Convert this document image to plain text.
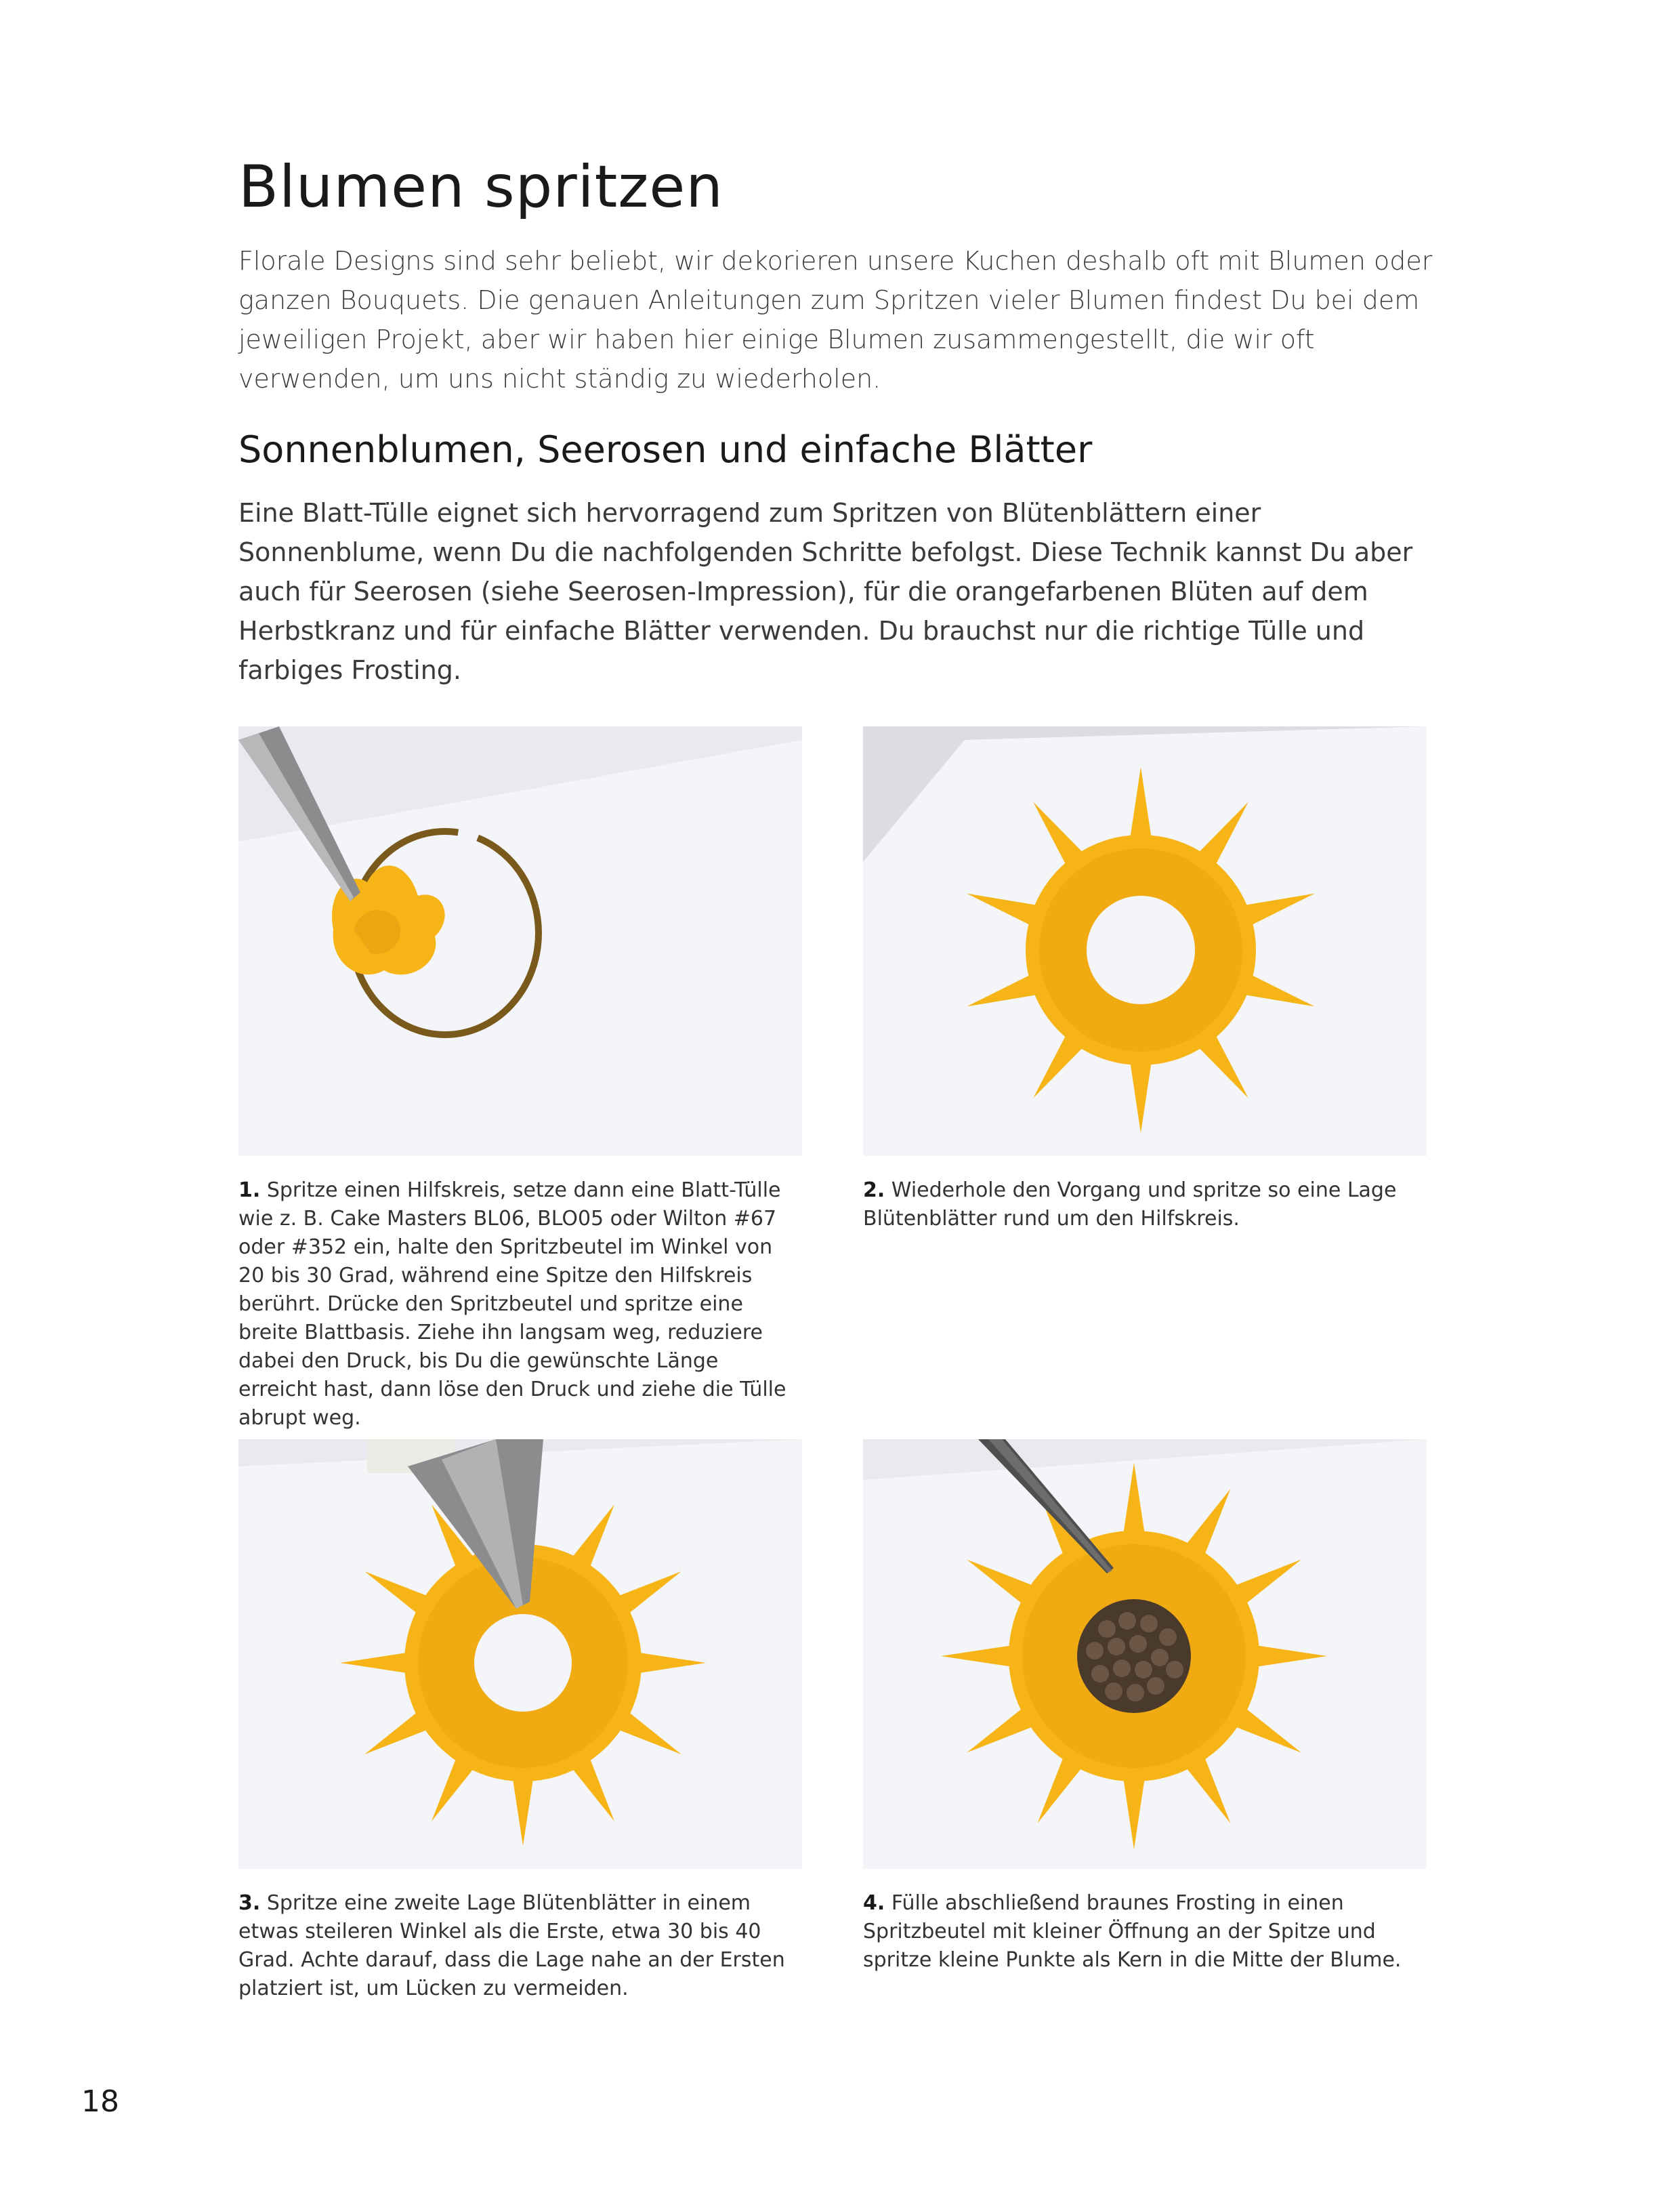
Blumen spritzen

Florale Designs sind sehr beliebt, wir dekorieren unsere Kuchen deshalb oft mit Blumen oder ganzen Bouquets. Die genauen Anleitungen zum Spritzen vieler Blumen findest Du bei dem jeweiligen Projekt, aber wir haben hier einige Blumen zusammengestellt, die wir oft verwenden, um uns nicht ständig zu wiederholen.

Sonnenblumen, Seerosen und einfache Blätter

Eine Blatt-Tülle eignet sich hervorragend zum Spritzen von Blütenblättern einer Sonnenblume, wenn Du die nachfolgenden Schritte befolgst. Diese Technik kannst Du aber auch für Seerosen (siehe Seerosen-Impression), für die orangefarbenen Blüten auf dem Herbstkranz und für einfache Blätter verwenden. Du brauchst nur die richtige Tülle und farbiges Frosting.

1. Spritze einen Hilfskreis, setze dann eine Blatt-Tülle wie z. B. Cake Masters BL06, BLO05 oder Wilton #67 oder #352 ein, halte den Spritzbeutel im Winkel von 20 bis 30 Grad, während eine Spitze den Hilfskreis berührt. Drücke den Spritzbeutel und spritze eine breite Blattbasis. Ziehe ihn langsam weg, reduziere dabei den Druck, bis Du die gewünschte Länge erreicht hast, dann löse den Druck und ziehe die Tülle abrupt weg.

2. Wiederhole den Vorgang und spritze so eine Lage Blütenblätter rund um den Hilfskreis.

3. Spritze eine zweite Lage Blütenblätter in einem etwas steileren Winkel als die Erste, etwa 30 bis 40 Grad. Achte darauf, dass die Lage nahe an der Ersten platziert ist, um Lücken zu vermeiden.

4. Fülle abschließend braunes Frosting in einen Spritzbeutel mit kleiner Öffnung an der Spitze und spritze kleine Punkte als Kern in die Mitte der Blume.

18
